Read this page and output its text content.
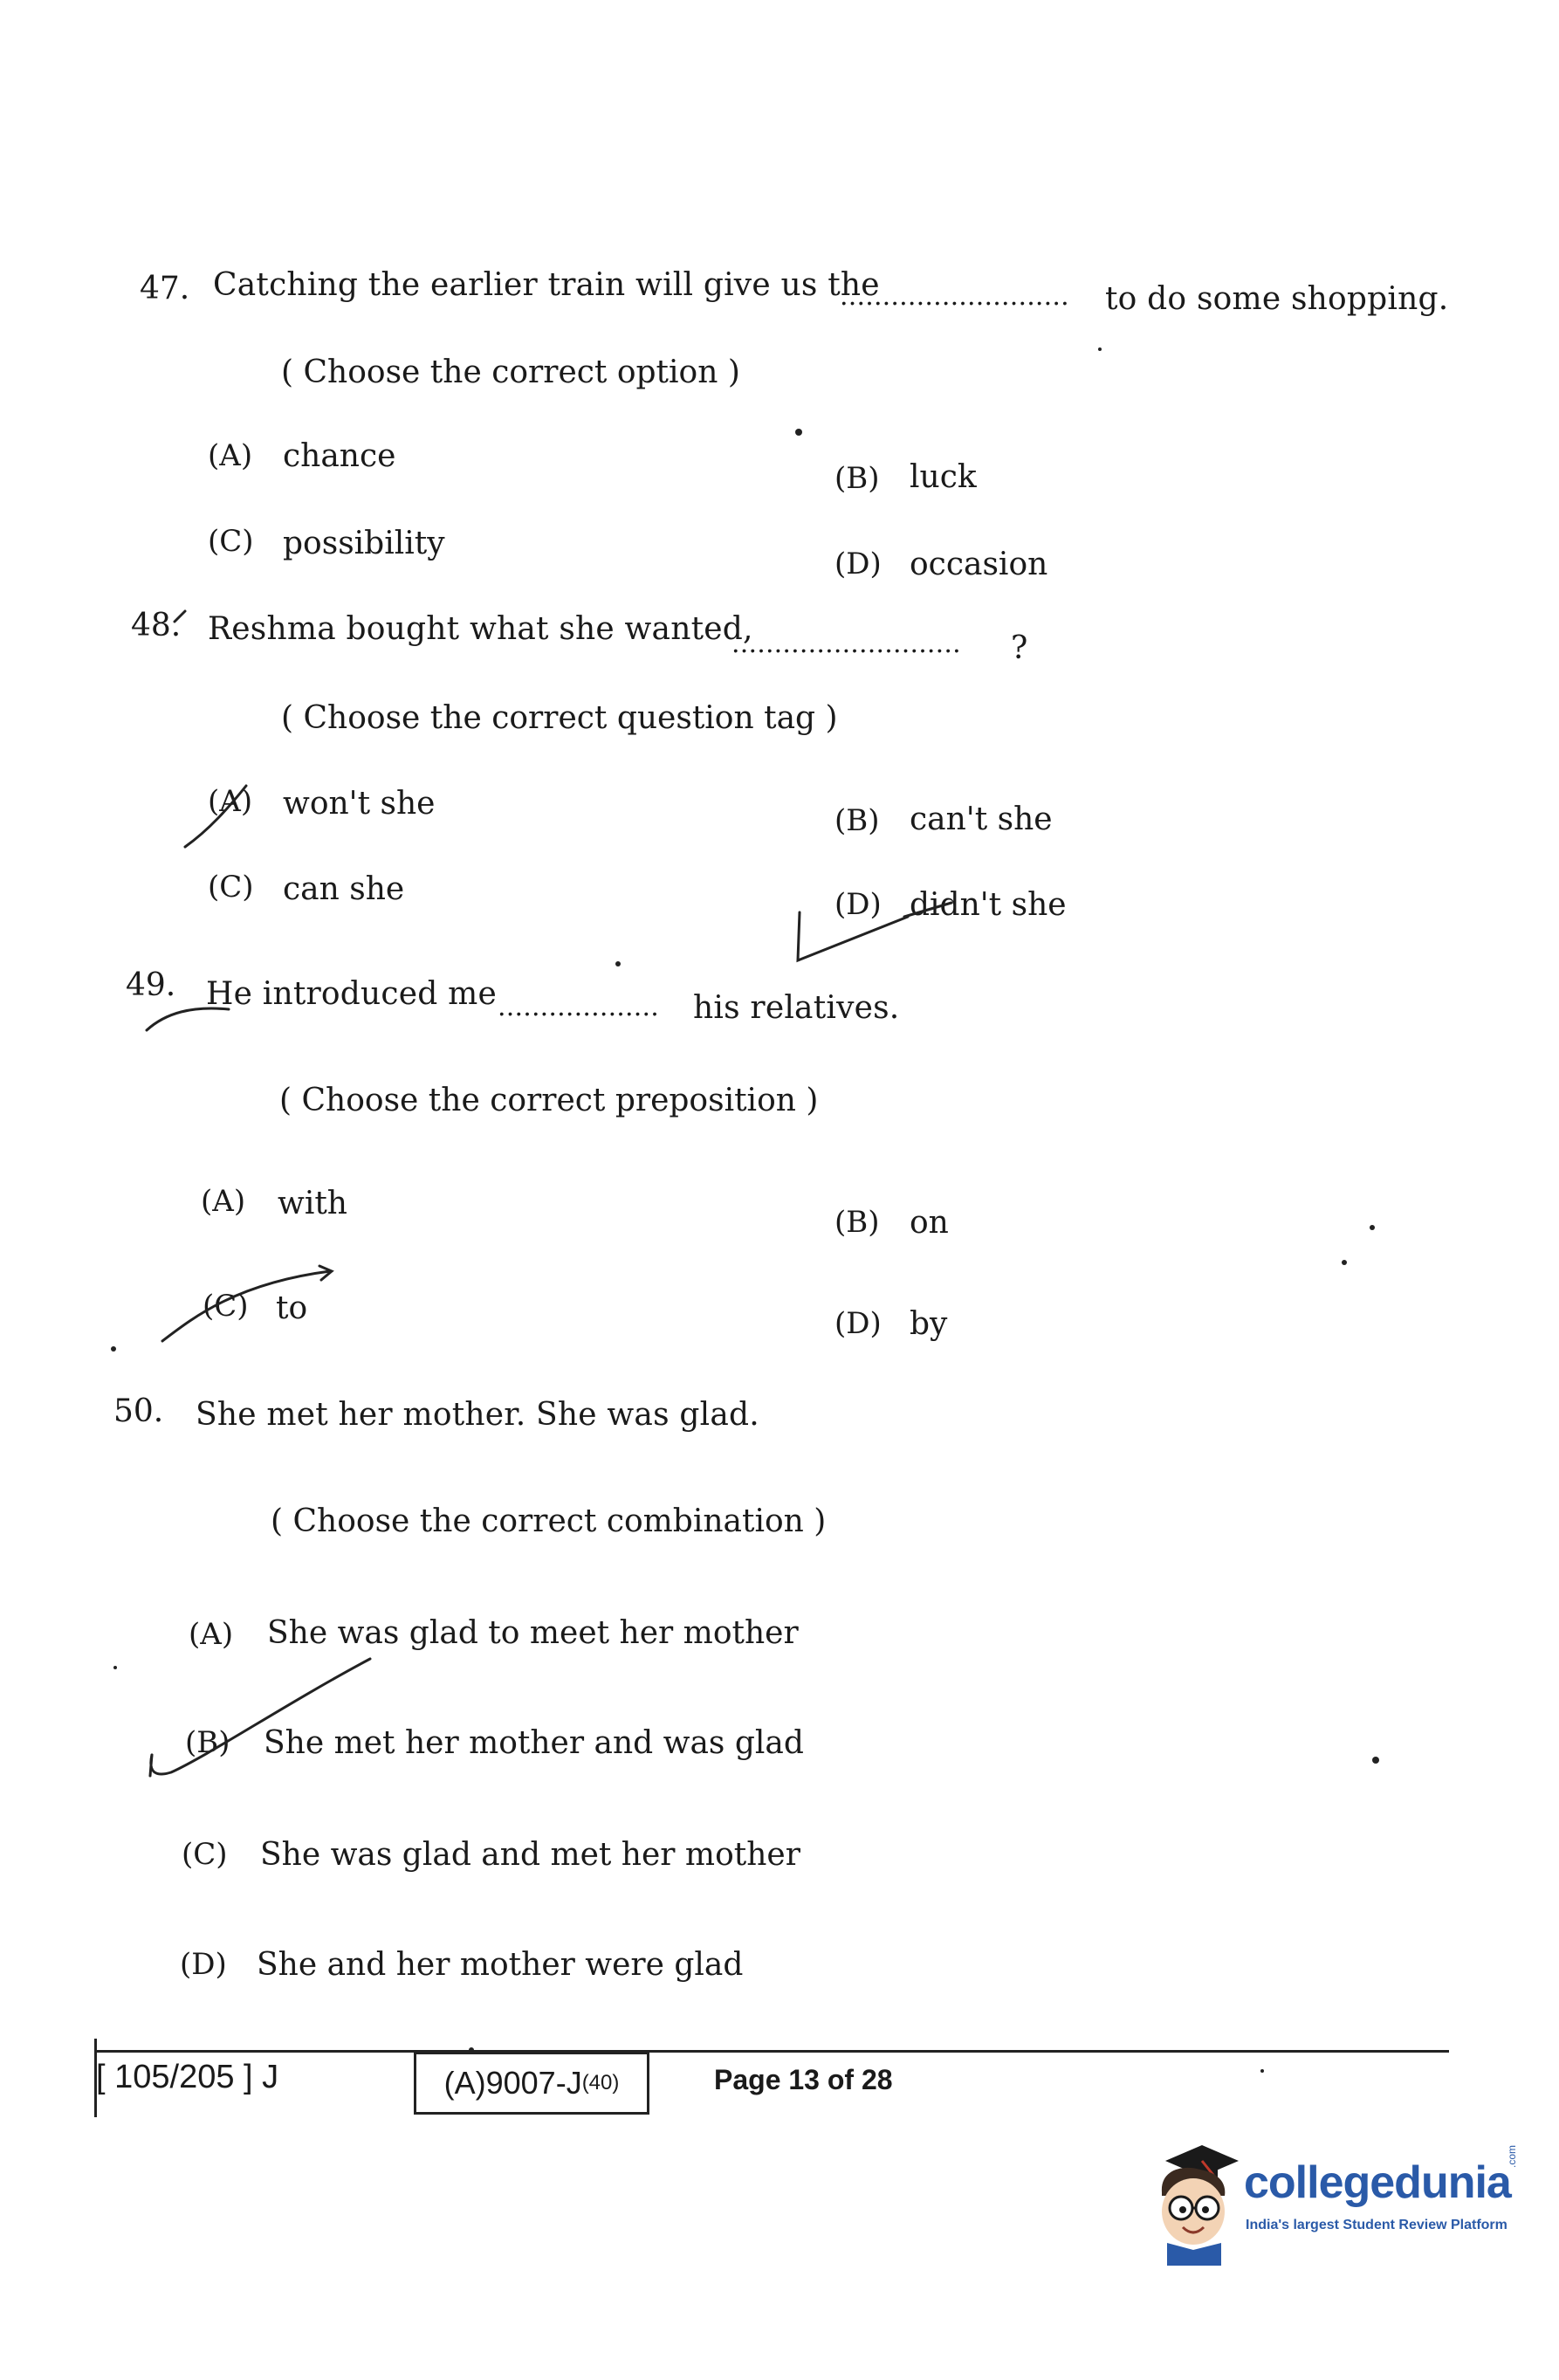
47. Catching the earlier train will give us the
........................... to do some shopping.
( Choose the correct option )
(A) chance
(B) luck
(C) possibility
(D) occasion
48. Reshma bought what she wanted,
........................... ?
( Choose the correct question tag )
(A) won't she	(B) can't she
(C) can she	(D) didn't she
49. He introduced me ................... his relatives.
( Choose the correct preposition )
(A) with
(B) on
(C) to	(D) by
50. She met her mother. She was glad.
( Choose the correct combination )
(A) She was glad to meet her mother
(B) She met her mother and was glad
(C) She was glad and met her mother
(D) She and her mother were glad
[ 105/205 ] J	(A)9007-J (40)	Page 13 of 28
collegedunia
.com
India's largest Student Review Platform
